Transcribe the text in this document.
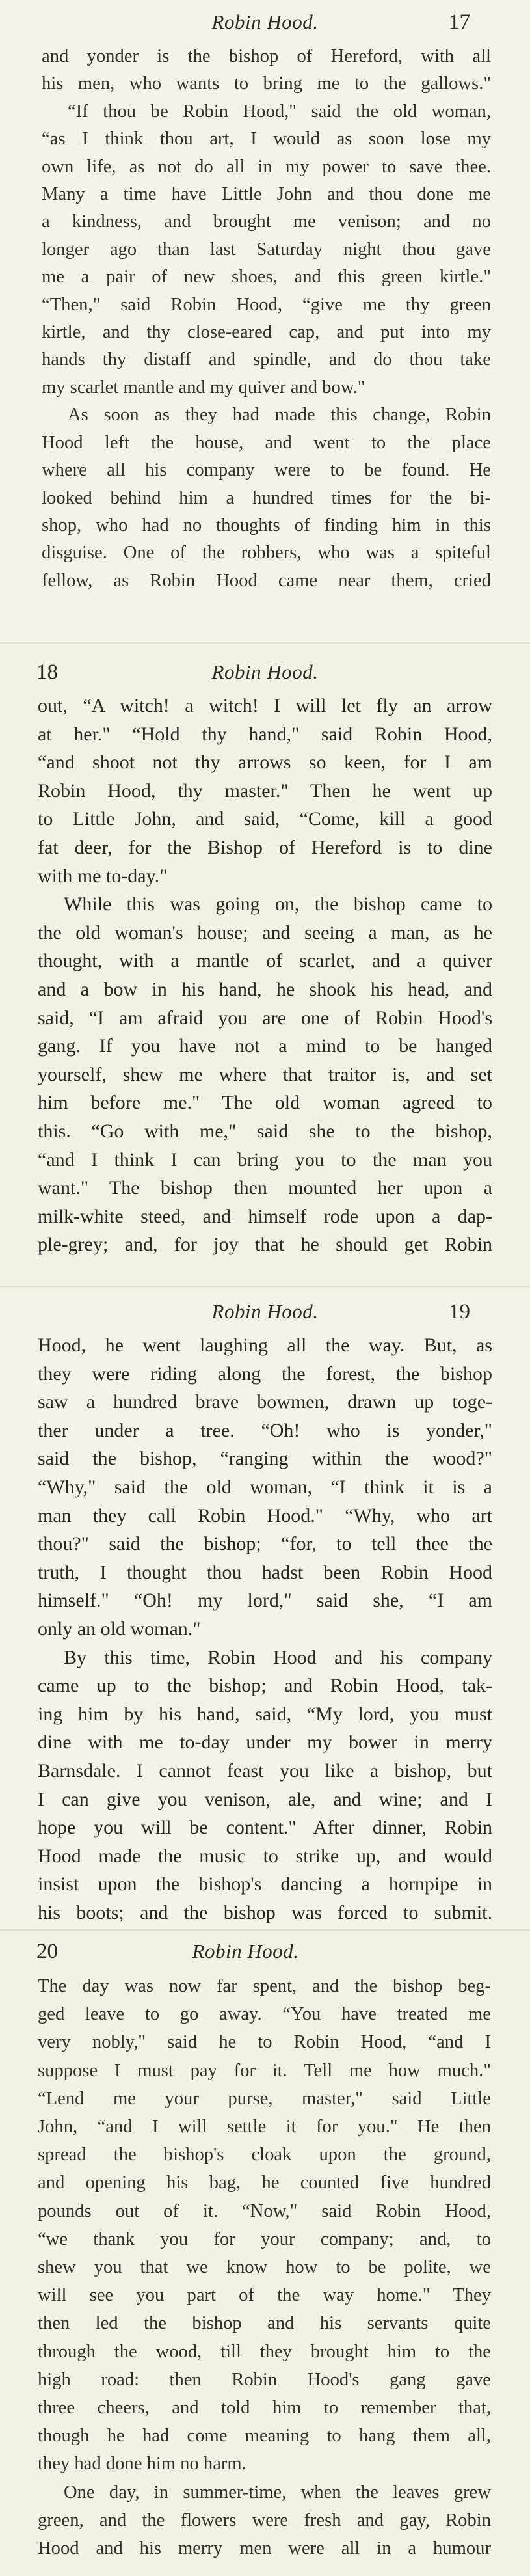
Robin Hood.	17

and yonder is the bishop of Hereford, with all

his men, who wants to bring me to the gallows."

“If thou be Robin Hood," said the old woman,

“as I think thou art, I would as soon lose my

own life, as not do all in my power to save thee.

Many a time have Little John and thou done me

a kindness, and brought me venison; and no

longer ago than last Saturday night thou gave

me a pair of new shoes, and this green kirtle."

“Then," said Robin Hood, “give me thy green

kirtle, and thy close-eared cap, and put into my

hands thy distaff and spindle, and do thou take

my scarlet mantle and my quiver and bow."

As soon as they had made this change, Robin

Hood left the house, and went to the place

where all his company were to be found. He

looked behind him a hundred times for the bi-

shop, who had no thoughts of finding him in this

disguise. One of the robbers, who was a spiteful

fellow, as Robin Hood came near them, cried

18	Robin Hood.

out, “A witch! a witch! I will let fly an arrow

at her." “Hold thy hand," said Robin Hood,

“and shoot not thy arrows so keen, for I am

Robin Hood, thy master." Then he went up

to Little John, and said, “Come, kill a good

fat deer, for the Bishop of Hereford is to dine

with me to-day."

While this was going on, the bishop came to

the old woman's house; and seeing a man, as he

thought, with a mantle of scarlet, and a quiver

and a bow in his hand, he shook his head, and

said, “I am afraid you are one of Robin Hood's

gang. If you have not a mind to be hanged

yourself, shew me where that traitor is, and set

him before me." The old woman agreed to

this. “Go with me," said she to the bishop,

“and I think I can bring you to the man you

want." The bishop then mounted her upon a

milk-white steed, and himself rode upon a dap-

ple-grey; and, for joy that he should get Robin

Robin Hood.	19

Hood, he went laughing all the way. But, as

they were riding along the forest, the bishop

saw a hundred brave bowmen, drawn up toge-

ther under a tree. “Oh! who is yonder,"

said the bishop, “ranging within the wood?"

“Why," said the old woman, “I think it is a

man they call Robin Hood." “Why, who art

thou?" said the bishop; “for, to tell thee the

truth, I thought thou hadst been Robin Hood

himself." “Oh! my lord," said she, “I am

only an old woman."

By this time, Robin Hood and his company

came up to the bishop; and Robin Hood, tak-

ing him by his hand, said, “My lord, you must

dine with me to-day under my bower in merry

Barnsdale. I cannot feast you like a bishop, but

I can give you venison, ale, and wine; and I

hope you will be content." After dinner, Robin

Hood made the music to strike up, and would

insist upon the bishop's dancing a hornpipe in

his boots; and the bishop was forced to submit.

20	Robin Hood.

The day was now far spent, and the bishop beg-

ged leave to go away. “You have treated me

very nobly," said he to Robin Hood, “and I

suppose I must pay for it. Tell me how much."

“Lend me your purse, master," said Little

John, “and I will settle it for you." He then

spread the bishop's cloak upon the ground,

and opening his bag, he counted five hundred

pounds out of it. “Now," said Robin Hood,

“we thank you for your company; and, to

shew you that we know how to be polite, we

will see you part of the way home." They

then led the bishop and his servants quite

through the wood, till they brought him to the

high road: then Robin Hood's gang gave

three cheers, and told him to remember that,

though he had come meaning to hang them all,

they had done him no harm.

One day, in summer-time, when the leaves grew

green, and the flowers were fresh and gay, Robin

Hood and his merry men were all in a humour
